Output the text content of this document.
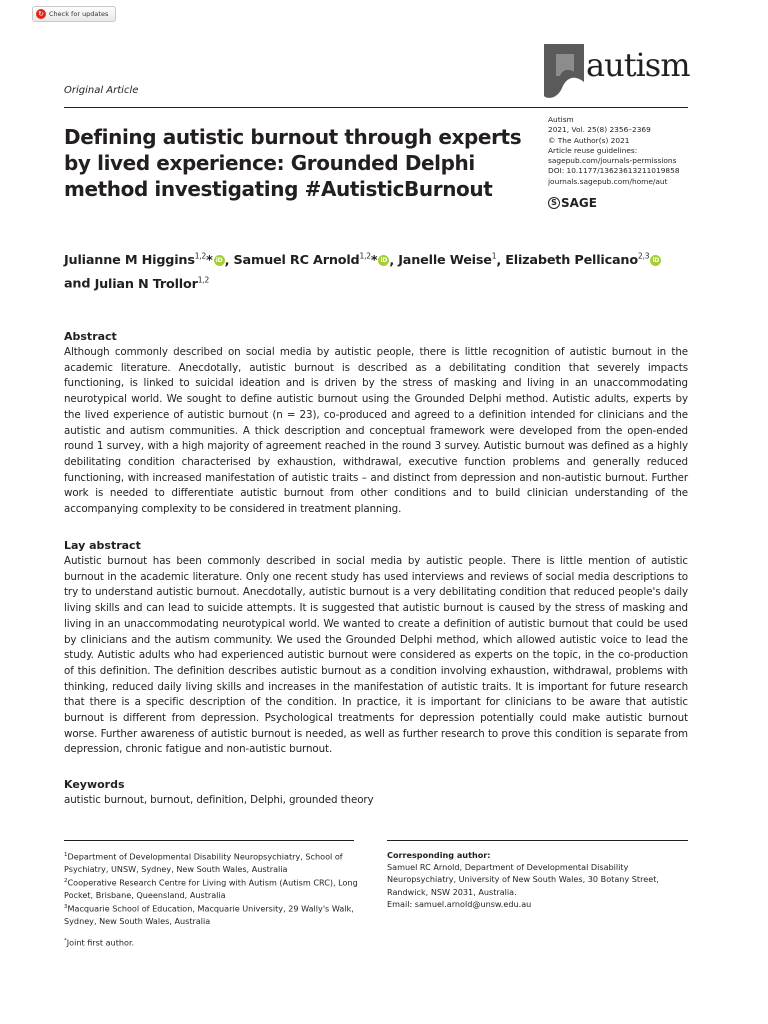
↻ Check for updates
Original Article
autism
Defining autistic burnout through experts by lived experience: Grounded Delphi method investigating #AutisticBurnout
Autism
2021, Vol. 25(8) 2356–2369
© The Author(s) 2021
Article reuse guidelines:
sagepub.com/journals-permissions
DOI: 10.1177/13623613211019858
journals.sagepub.com/home/aut
S SAGE
Julianne M Higgins$^{1,2}$* iD , Samuel RC Arnold$^{1,2}$* iD , Janelle Weise$^1$, Elizabeth Pellicano$^{2,3}$ iD and Julian N Trollor$^{1,2}$
Abstract
Although commonly described on social media by autistic people, there is little recognition of autistic burnout in the academic literature. Anecdotally, autistic burnout is described as a debilitating condition that severely impacts functioning, is linked to suicidal ideation and is driven by the stress of masking and living in an unaccommodating neurotypical world. We sought to define autistic burnout using the Grounded Delphi method. Autistic adults, experts by the lived experience of autistic burnout (n = 23), co-produced and agreed to a definition intended for clinicians and the autistic and autism communities. A thick description and conceptual framework were developed from the open-ended round 1 survey, with a high majority of agreement reached in the round 3 survey. Autistic burnout was defined as a highly debilitating condition characterised by exhaustion, withdrawal, executive function problems and generally reduced functioning, with increased manifestation of autistic traits – and distinct from depression and non-autistic burnout. Further work is needed to differentiate autistic burnout from other conditions and to build clinician understanding of the accompanying complexity to be considered in treatment planning.
Lay abstract
Autistic burnout has been commonly described in social media by autistic people. There is little mention of autistic burnout in the academic literature. Only one recent study has used interviews and reviews of social media descriptions to try to understand autistic burnout. Anecdotally, autistic burnout is a very debilitating condition that reduced people's daily living skills and can lead to suicide attempts. It is suggested that autistic burnout is caused by the stress of masking and living in an unaccommodating neurotypical world. We wanted to create a definition of autistic burnout that could be used by clinicians and the autism community. We used the Grounded Delphi method, which allowed autistic voice to lead the study. Autistic adults who had experienced autistic burnout were considered as experts on the topic, in the co-production of this definition. The definition describes autistic burnout as a condition involving exhaustion, withdrawal, problems with thinking, reduced daily living skills and increases in the manifestation of autistic traits. It is important for future research that there is a specific description of the condition. In practice, it is important for clinicians to be aware that autistic burnout is different from depression. Psychological treatments for depression potentially could make autistic burnout worse. Further awareness of autistic burnout is needed, as well as further research to prove this condition is separate from depression, chronic fatigue and non-autistic burnout.
Keywords
autistic burnout, burnout, definition, Delphi, grounded theory
$^1$Department of Developmental Disability Neuropsychiatry, School of Psychiatry, UNSW, Sydney, New South Wales, Australia
$^2$Cooperative Research Centre for Living with Autism (Autism CRC), Long Pocket, Brisbane, Queensland, Australia
$^3$Macquarie School of Education, Macquarie University, 29 Wally's Walk, Sydney, New South Wales, Australia
*Joint first author.
Corresponding author:
Samuel RC Arnold, Department of Developmental Disability
Neuropsychiatry, University of New South Wales, 30 Botany Street,
Randwick, NSW 2031, Australia.
Email: samuel.arnold@unsw.edu.au
